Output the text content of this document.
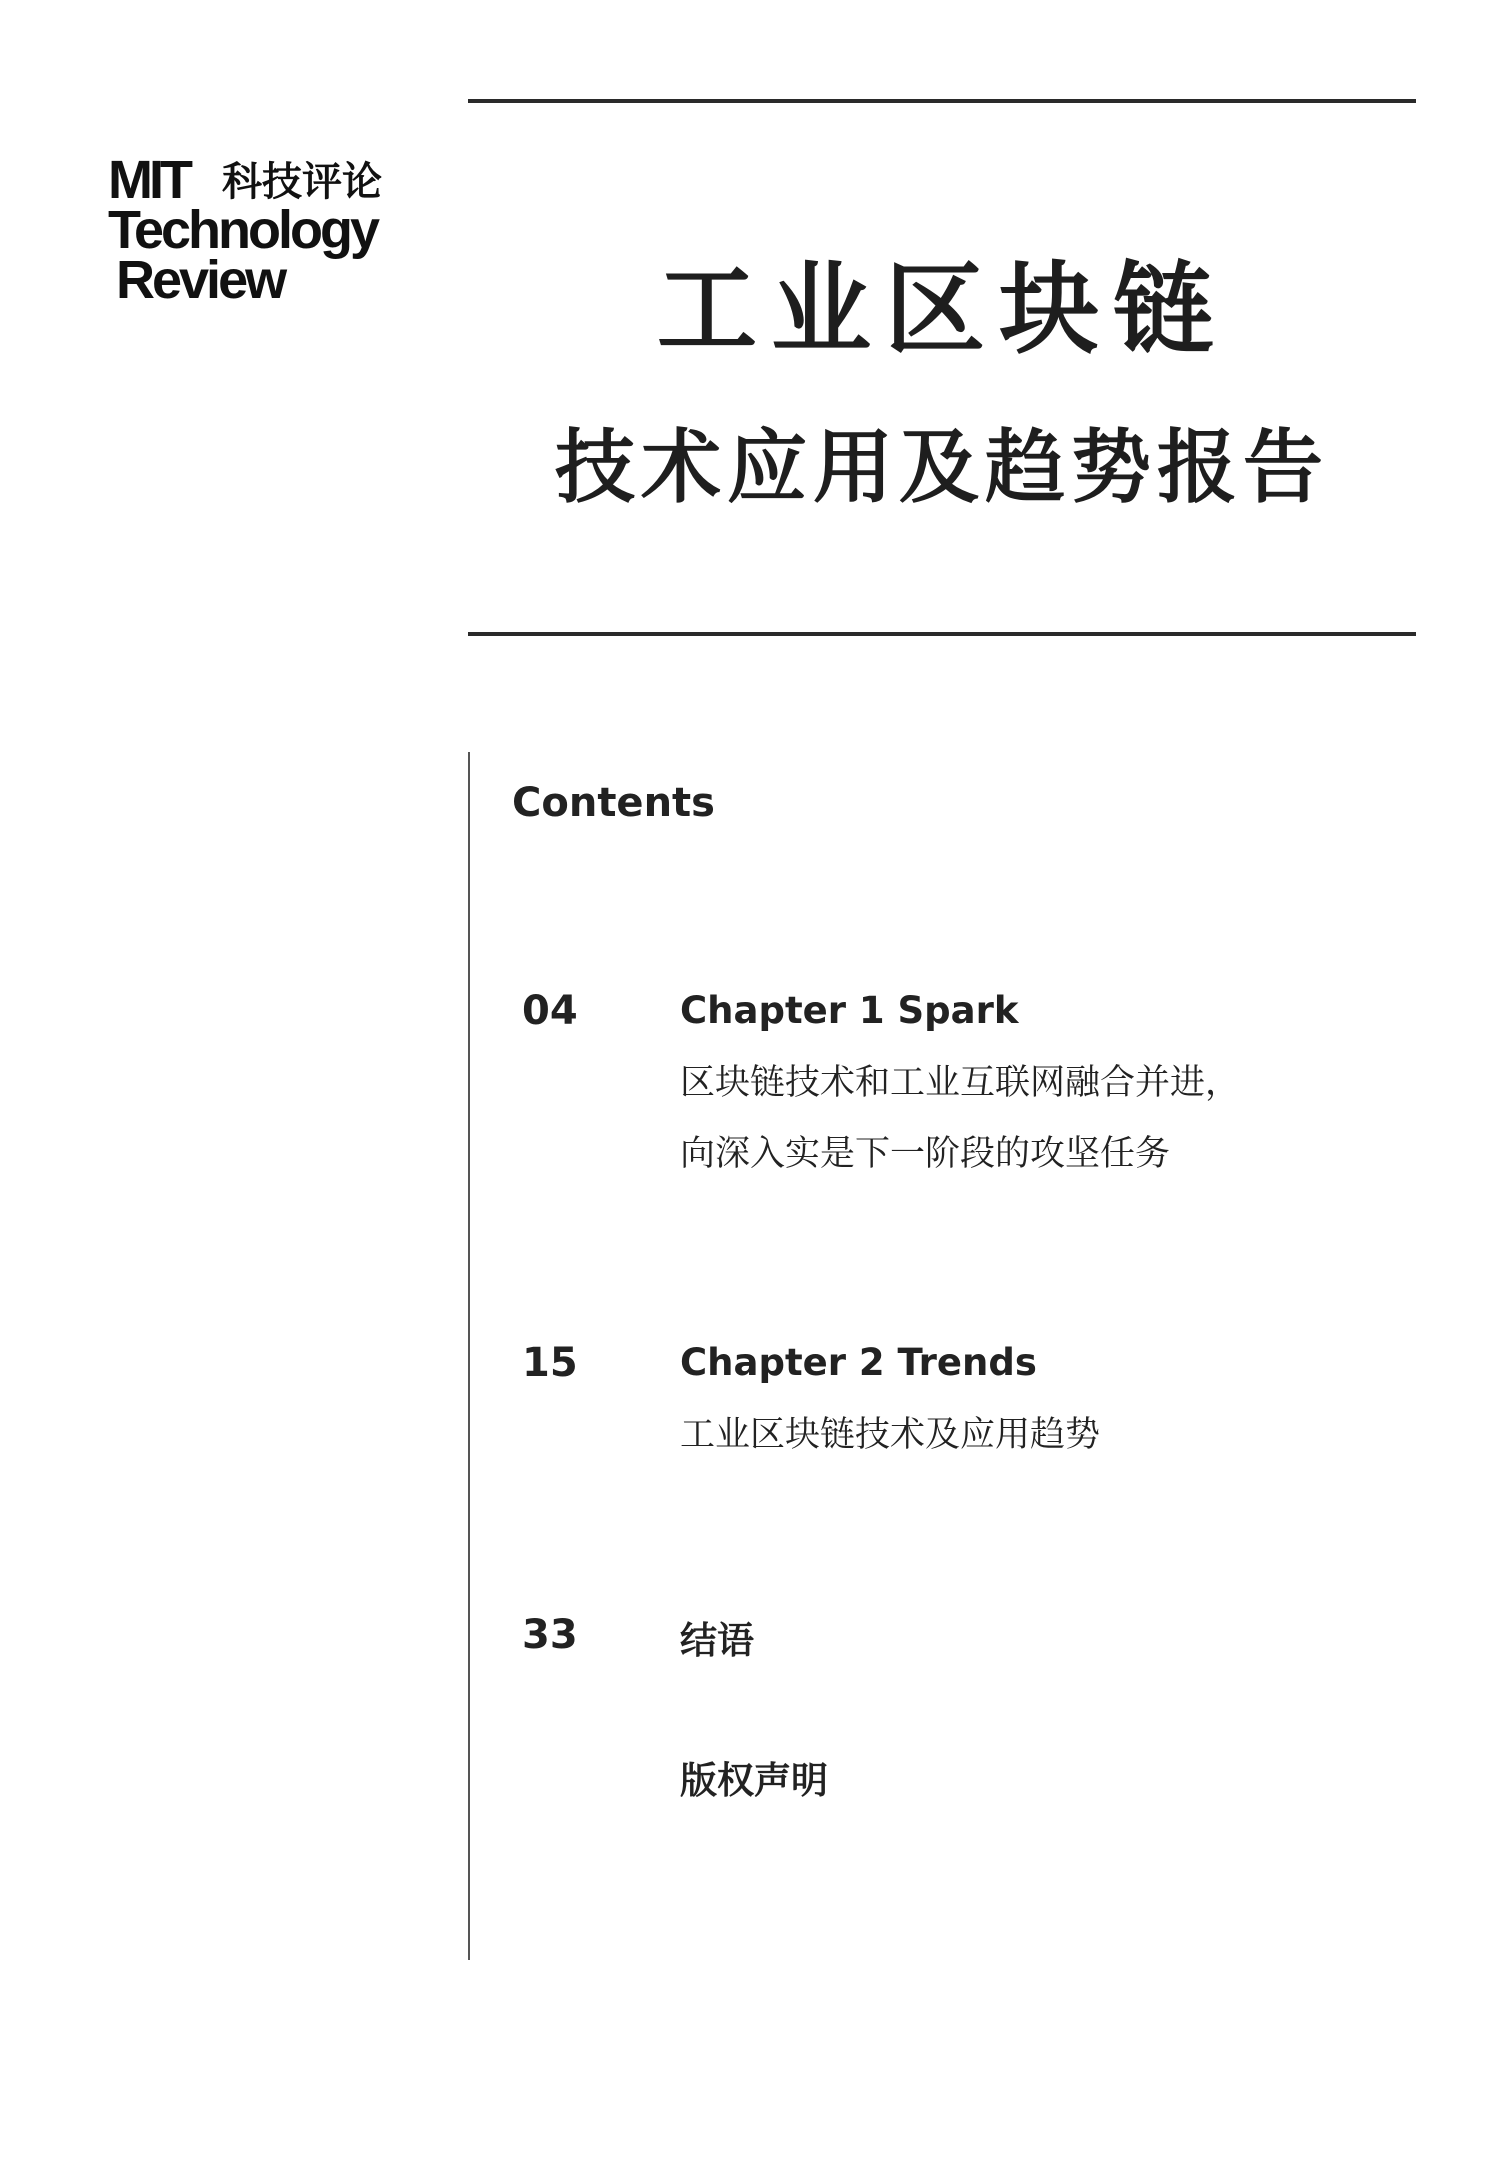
MIT 科技评论
Technology
Review	工业区块链
技术应用及趋势报告
Contents
04	Chapter 1 Spark
区块链技术和工业互联网融合并进，
向深入实是下一阶段的攻坚任务
15	Chapter 2 Trends
工业区块链技术及应用趋势
33	结语
版权声明
